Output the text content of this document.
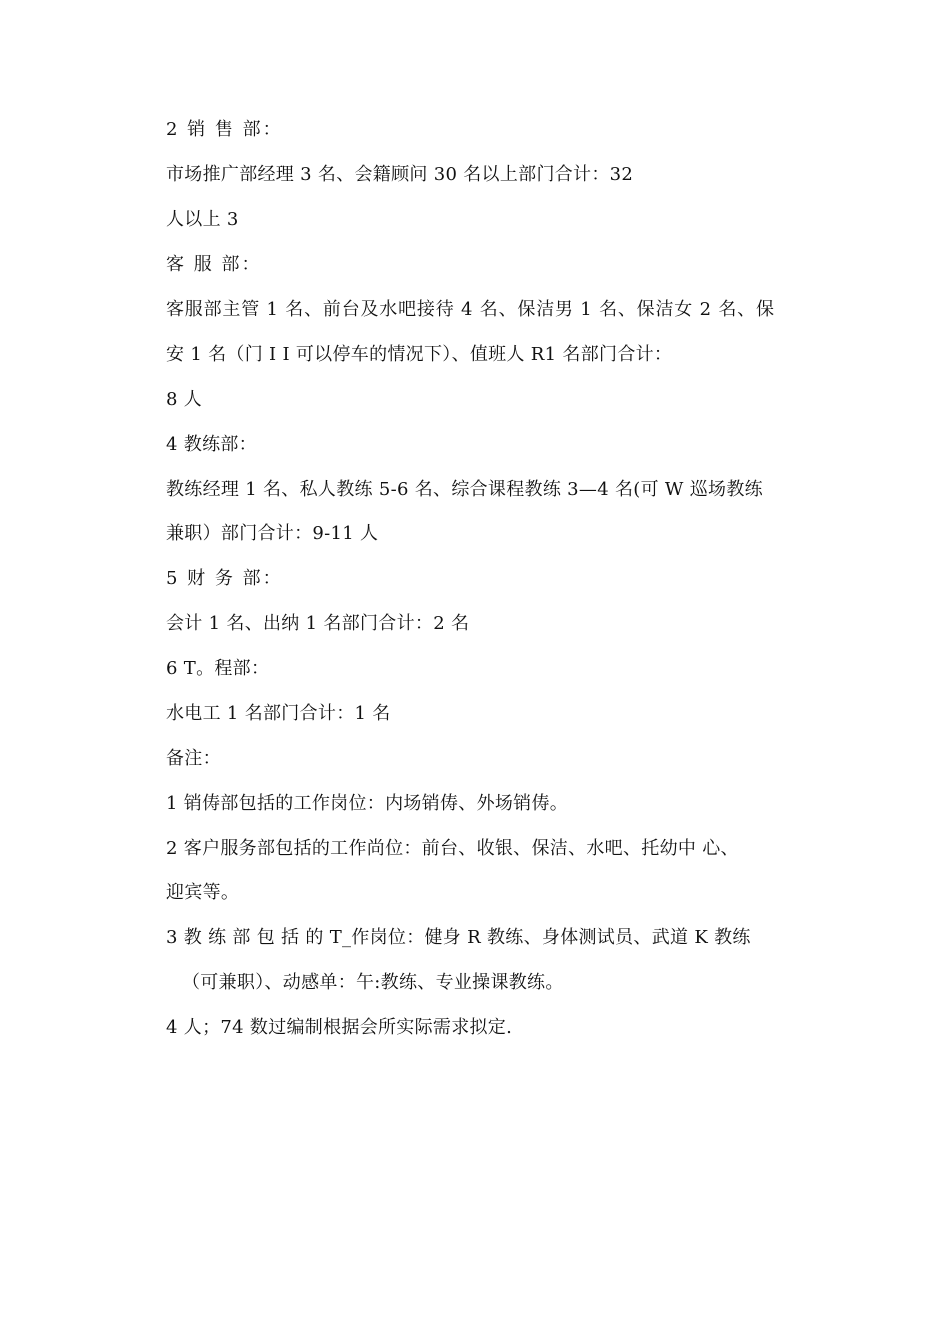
2 销 售 部：
市场推广部经理 3 名、会籍顾问 30 名以上部门合计：32
人以上 3
客 服 部：
客服部主管 1 名、前台及水吧接待 4 名、保洁男 1 名、保洁女 2 名、保
安 1 名（门 I I 可以停车的情况下）、值班人 R1 名部门合计：
8 人
4 教练部：
教练经理 1 名、私人教练 5-6 名、综合课程教练 3—4 名(可 W 巡场教练
兼职）部门合计：9-11 人
5 财 务 部：
会计 1 名、出纳 1 名部门合计：2 名
6 T。程部：
水电工 1 名部门合计：1 名
备注：
1 销俦部包括的工作岗位：内场销俦、外场销俦。
2 客户服务部包括的工作尚位：前台、收银、保洁、水吧、托幼中 心、
迎宾等。
3 教 练 部 包 括 的 T_作岗位：健身 R 教练、身体测试员、武道 K 教练
（可兼职）、动感单：午:教练、专业操课教练。
4 人；74 数过编制根据会所实际需求拟定.
